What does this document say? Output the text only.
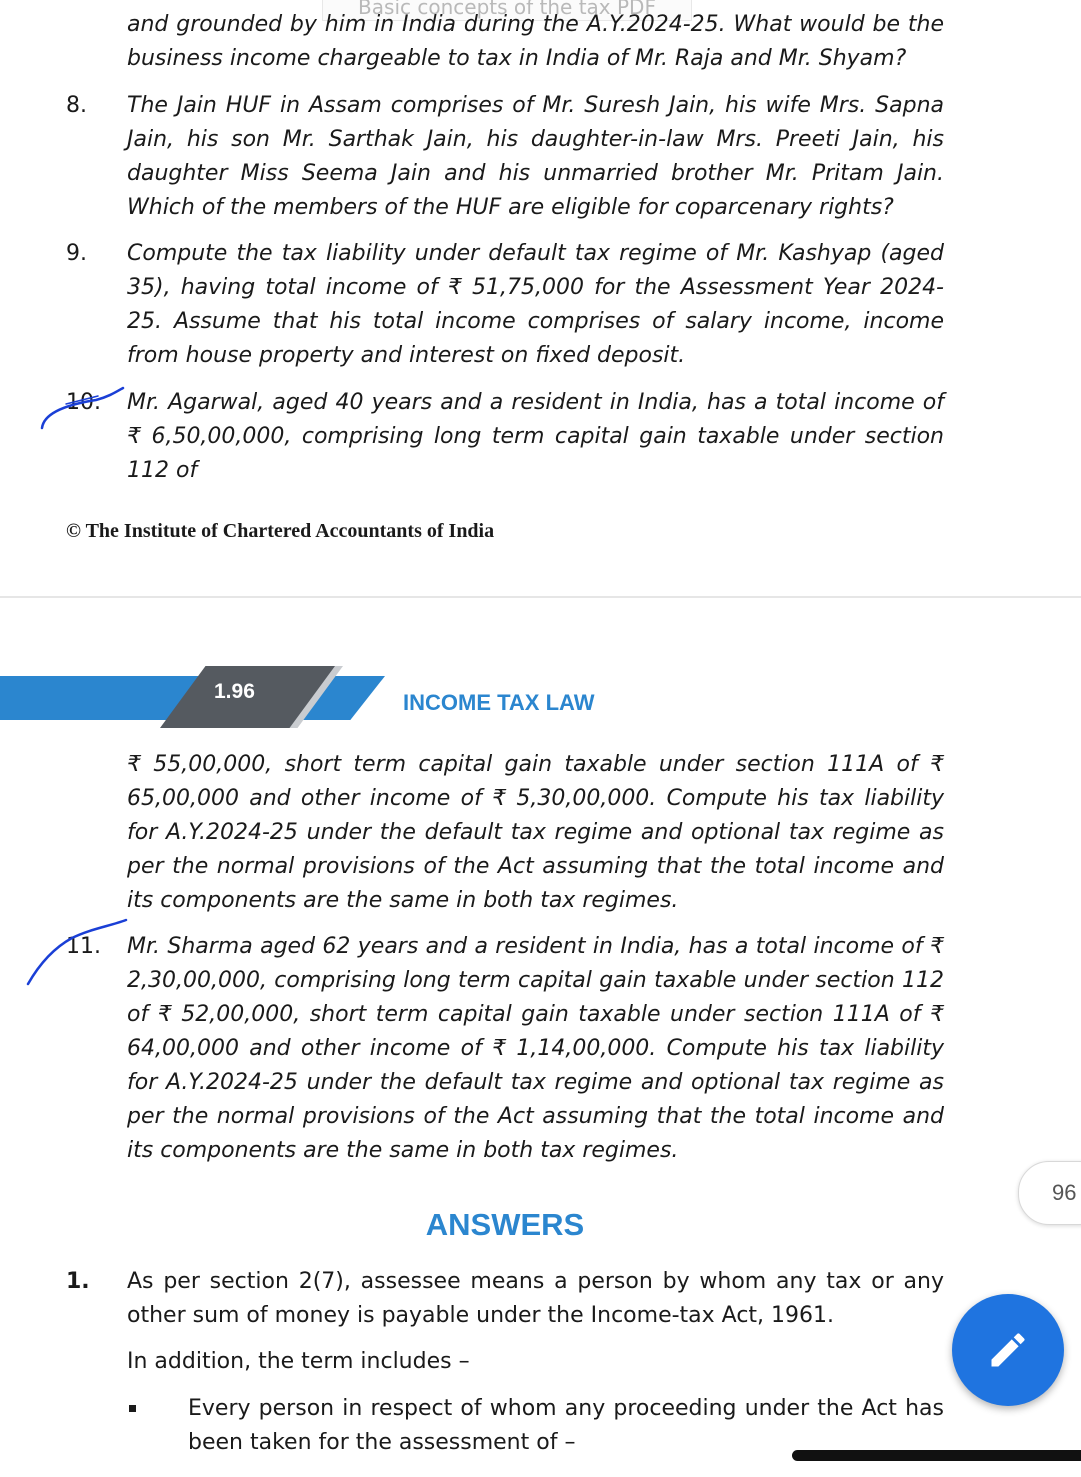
Basic concepts of the tax PDF

and grounded by him in India during the A.Y.2024-25. What would be the business income chargeable to tax in India of Mr. Raja and Mr. Shyam?

8. The Jain HUF in Assam comprises of Mr. Suresh Jain, his wife Mrs. Sapna Jain, his son Mr. Sarthak Jain, his daughter-in-law Mrs. Preeti Jain, his daughter Miss Seema Jain and his unmarried brother Mr. Pritam Jain. Which of the members of the HUF are eligible for coparcenary rights?

9. Compute the tax liability under default tax regime of Mr. Kashyap (aged 35), having total income of ₹ 51,75,000 for the Assessment Year 2024-25. Assume that his total income comprises of salary income, income from house property and interest on fixed deposit.

10. Mr. Agarwal, aged 40 years and a resident in India, has a total income of ₹ 6,50,00,000, comprising long term capital gain taxable under section 112 of

© The Institute of Chartered Accountants of India
1.96	INCOME TAX LAW

₹ 55,00,000, short term capital gain taxable under section 111A of ₹ 65,00,000 and other income of ₹ 5,30,00,000. Compute his tax liability for A.Y.2024-25 under the default tax regime and optional tax regime as per the normal provisions of the Act assuming that the total income and its components are the same in both tax regimes.

11. Mr. Sharma aged 62 years and a resident in India, has a total income of ₹ 2,30,00,000, comprising long term capital gain taxable under section 112 of ₹ 52,00,000, short term capital gain taxable under section 111A of ₹ 64,00,000 and other income of ₹ 1,14,00,000. Compute his tax liability for A.Y.2024-25 under the default tax regime and optional tax regime as per the normal provisions of the Act assuming that the total income and its components are the same in both tax regimes.

ANSWERS
1. As per section 2(7), assessee means a person by whom any tax or any other sum of money is payable under the Income-tax Act, 1961.

In addition, the term includes –

Every person in respect of whom any proceeding under the Act has been taken for the assessment of –

96
